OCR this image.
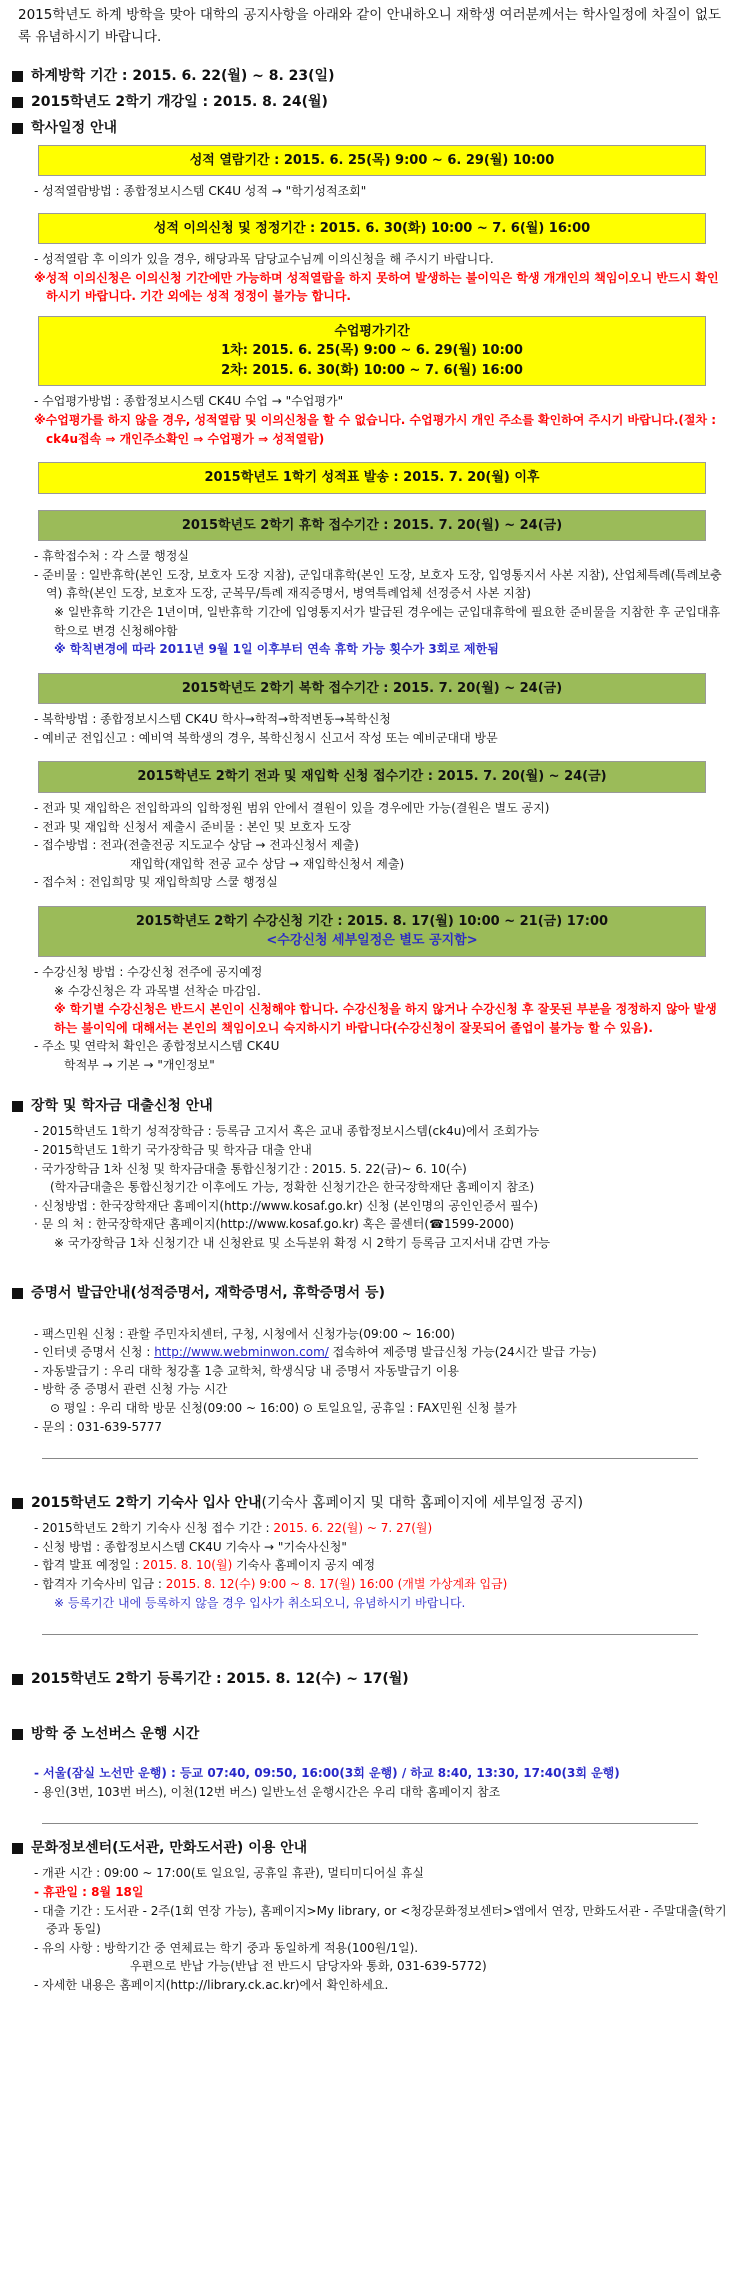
2015학년도 하계 방학을 맞아 대학의 공지사항을 아래와 같이 안내하오니 재학생 여러분께서는 학사일정에 차질이 없도록 유념하시기 바랍니다.

하계방학 기간 : 2015. 6. 22(월) ~ 8. 23(일)
2015학년도 2학기 개강일 : 2015. 8. 24(월)
학사일정 안내
성적 열람기간 : 2015. 6. 25(목) 9:00 ~ 6. 29(월) 10:00

- 성적열람방법 : 종합정보시스템 CK4U 성적 → "학기성적조회"

성적 이의신청 및 정정기간 : 2015. 6. 30(화) 10:00 ~ 7. 6(월) 16:00

- 성적열람 후 이의가 있을 경우, 해당과목 담당교수님께 이의신청을 해 주시기 바랍니다.

※성적 이의신청은 이의신청 기간에만 가능하며 성적열람을 하지 못하여 발생하는 불이익은 학생 개개인의 책임이오니 반드시 확인하시기 바랍니다. 기간 외에는 성적 정정이 불가능 합니다.

수업평가기간
1차: 2015. 6. 25(목) 9:00 ~ 6. 29(월) 10:00
2차: 2015. 6. 30(화) 10:00 ~ 7. 6(월) 16:00

- 수업평가방법 : 종합정보시스템 CK4U 수업 → "수업평가"

※수업평가를 하지 않을 경우, 성적열람 및 이의신청을 할 수 없습니다. 수업평가시 개인 주소를 확인하여 주시기 바랍니다.(절차 : ck4u접속 ⇒ 개인주소확인 ⇒ 수업평가 ⇒ 성적열람)

2015학년도 1학기 성적표 발송 : 2015. 7. 20(월) 이후
2015학년도 2학기 휴학 접수기간 : 2015. 7. 20(월) ~ 24(금)

- 휴학접수처 : 각 스쿨 행정실

- 준비물 : 일반휴학(본인 도장, 보호자 도장 지참), 군입대휴학(본인 도장, 보호자 도장, 입영통지서 사본 지참), 산업체특례(특례보충역) 휴학(본인 도장, 보호자 도장, 군복무/특례 재직증명서, 병역특례업체 선정증서 사본 지참)

※ 일반휴학 기간은 1년이며, 일반휴학 기간에 입영통지서가 발급된 경우에는 군입대휴학에 필요한 준비물을 지참한 후 군입대휴학으로 변경 신청해야함

※ 학칙변경에 따라 2011년 9월 1일 이후부터 연속 휴학 가능 횟수가 3회로 제한됨

2015학년도 2학기 복학 접수기간 : 2015. 7. 20(월) ~ 24(금)

- 복학방법 : 종합정보시스템 CK4U 학사→학적→학적변동→복학신청

- 예비군 전입신고 : 예비역 복학생의 경우, 복학신청시 신고서 작성 또는 예비군대대 방문

2015학년도 2학기 전과 및 재입학 신청 접수기간 : 2015. 7. 20(월) ~ 24(금)

- 전과 및 재입학은 전입학과의 입학정원 범위 안에서 결원이 있을 경우에만 가능(결원은 별도 공지)

- 전과 및 재입학 신청서 제출시 준비물 : 본인 및 보호자 도장

- 접수방법 : 전과(전출전공 지도교수 상담 → 전과신청서 제출)

재입학(재입학 전공 교수 상담 → 재입학신청서 제출)

- 접수처 : 전입희망 및 재입학희망 스쿨 행정실

2015학년도 2학기 수강신청 기간 : 2015. 8. 17(월) 10:00 ~ 21(금) 17:00
<수강신청 세부일정은 별도 공지함>

- 수강신청 방법 : 수강신청 전주에 공지예정

※ 수강신청은 각 과목별 선착순 마감임.

※ 학기별 수강신청은 반드시 본인이 신청해야 합니다. 수강신청을 하지 않거나 수강신청 후 잘못된 부분을 정정하지 않아 발생하는 불이익에 대해서는 본인의 책임이오니 숙지하시기 바랍니다(수강신청이 잘못되어 졸업이 불가능 할 수 있음).

- 주소 및 연락처 확인은 종합정보시스템 CK4U

학적부 → 기본 → "개인정보"

장학 및 학자금 대출신청 안내

- 2015학년도 1학기 성적장학금 : 등록금 고지서 혹은 교내 종합정보시스템(ck4u)에서 조회가능

- 2015학년도 1학기 국가장학금 및 학자금 대출 안내

· 국가장학금 1차 신청 및 학자금대출 통합신청기간 : 2015. 5. 22(금)~ 6. 10(수)

(학자금대출은 통합신청기간 이후에도 가능, 정확한 신청기간은 한국장학재단 홈페이지 참조)

· 신청방법 : 한국장학재단 홈페이지(http://www.kosaf.go.kr) 신청 (본인명의 공인인증서 필수)

· 문 의 처 : 한국장학재단 홈페이지(http://www.kosaf.go.kr) 혹은 콜센터(☎1599-2000)

※ 국가장학금 1차 신청기간 내 신청완료 및 소득분위 확정 시 2학기 등록금 고지서내 감면 가능

증명서 발급안내(성적증명서, 재학증명서, 휴학증명서 등)

- 팩스민원 신청 : 관할 주민자치센터, 구청, 시청에서 신청가능(09:00 ~ 16:00)

- 인터넷 증명서 신청 : http://www.webminwon.com/ 접속하여 제증명 발급신청 가능(24시간 발급 가능)

- 자동발급기 : 우리 대학 청강홀 1층 교학처, 학생식당 내 증명서 자동발급기 이용

- 방학 중 증명서 관련 신청 가능 시간

⊙ 평일 : 우리 대학 방문 신청(09:00 ~ 16:00) ⊙ 토일요일, 공휴일 : FAX민원 신청 불가

- 문의 : 031-639-5777

2015학년도 2학기 기숙사 입사 안내 (기숙사 홈페이지 및 대학 홈페이지에 세부일정 공지)

- 2015학년도 2학기 기숙사 신청 접수 기간 : 2015. 6. 22(월) ~ 7. 27(월)

- 신청 방법 : 종합정보시스템 CK4U 기숙사 → "기숙사신청"

- 합격 발표 예정일 : 2015. 8. 10(월) 기숙사 홈페이지 공지 예정

- 합격자 기숙사비 입금 : 2015. 8. 12(수) 9:00 ~ 8. 17(월) 16:00 (개별 가상계좌 입금)

※ 등록기간 내에 등록하지 않을 경우 입사가 취소되오니, 유념하시기 바랍니다.

2015학년도 2학기 등록기간 : 2015. 8. 12(수) ~ 17(월)
방학 중 노선버스 운행 시간

- 서울(잠실 노선만 운행) : 등교 07:40, 09:50, 16:00(3회 운행) / 하교 8:40, 13:30, 17:40(3회 운행)

- 용인(3번, 103번 버스), 이천(12번 버스) 일반노선 운행시간은 우리 대학 홈페이지 참조

문화정보센터(도서관, 만화도서관) 이용 안내

- 개관 시간 : 09:00 ~ 17:00(토 일요일, 공휴일 휴관), 멀티미디어실 휴실

- 휴관일 : 8월 18일

- 대출 기간 : 도서관 - 2주(1회 연장 가능), 홈페이지>My library, or <청강문화정보센터>앱에서 연장, 만화도서관 - 주말대출(학기중과 동일)

- 유의 사항 : 방학기간 중 연체료는 학기 중과 동일하게 적용(100원/1일).

우편으로 반납 가능(반납 전 반드시 담당자와 통화, 031-639-5772)

- 자세한 내용은 홈페이지(http://library.ck.ac.kr)에서 확인하세요.
